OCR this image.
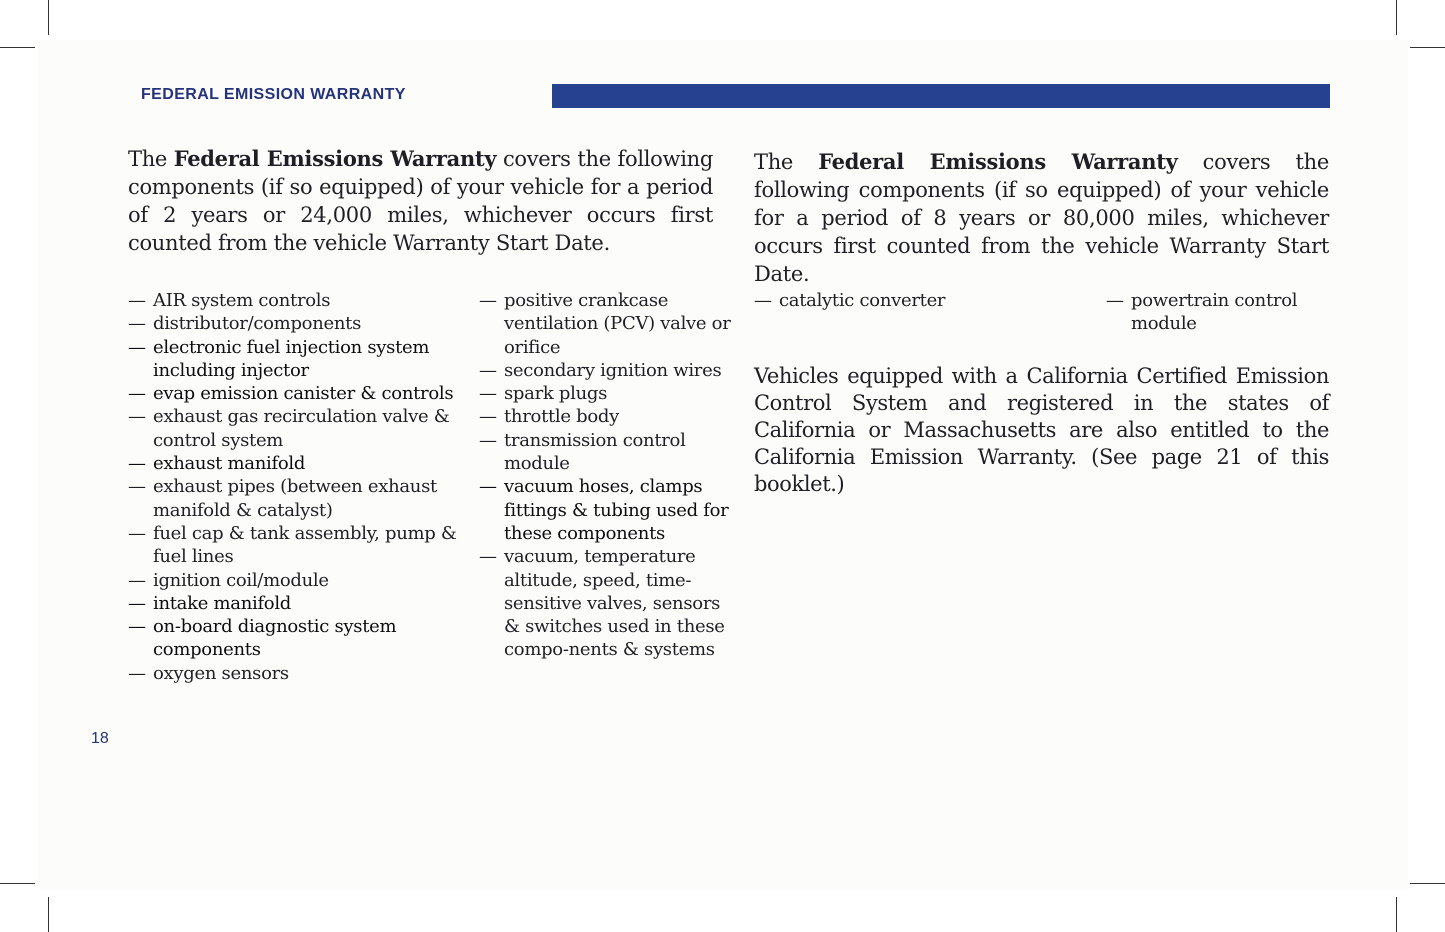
FEDERAL EMISSION WARRANTY

The Federal Emissions Warranty covers the following components (if so equipped) of your vehicle for a period of 2 years or 24,000 miles, whichever occurs first counted from the vehicle Warranty Start Date.

The Federal Emissions Warranty covers the following components (if so equipped) of your vehicle for a period of 8 years or 80,000 miles, whichever occurs first counted from the vehicle Warranty Start Date.

— AIR system controls
— distributor/components
— electronic fuel injection system including injector
— evap emission canister & controls
— exhaust gas recirculation valve & control system
— exhaust manifold
— exhaust pipes (between exhaust manifold & catalyst)
— fuel cap & tank assembly, pump & fuel lines
— ignition coil/module
— intake manifold
— on-board diagnostic system components
— oxygen sensors
— positive crankcase ventilation (PCV) valve or orifice
— secondary ignition wires
— spark plugs
— throttle body
— transmission control module
— vacuum hoses, clamps fittings & tubing used for these components
— vacuum, temperature altitude, speed, time-sensitive valves, sensors & switches used in these compo-nents & systems
— catalytic converter	— powertrain control module

Vehicles equipped with a California Certified Emission Control System and registered in the states of California or Massachusetts are also entitled to the California Emission Warranty. (See page 21 of this booklet.)

18
